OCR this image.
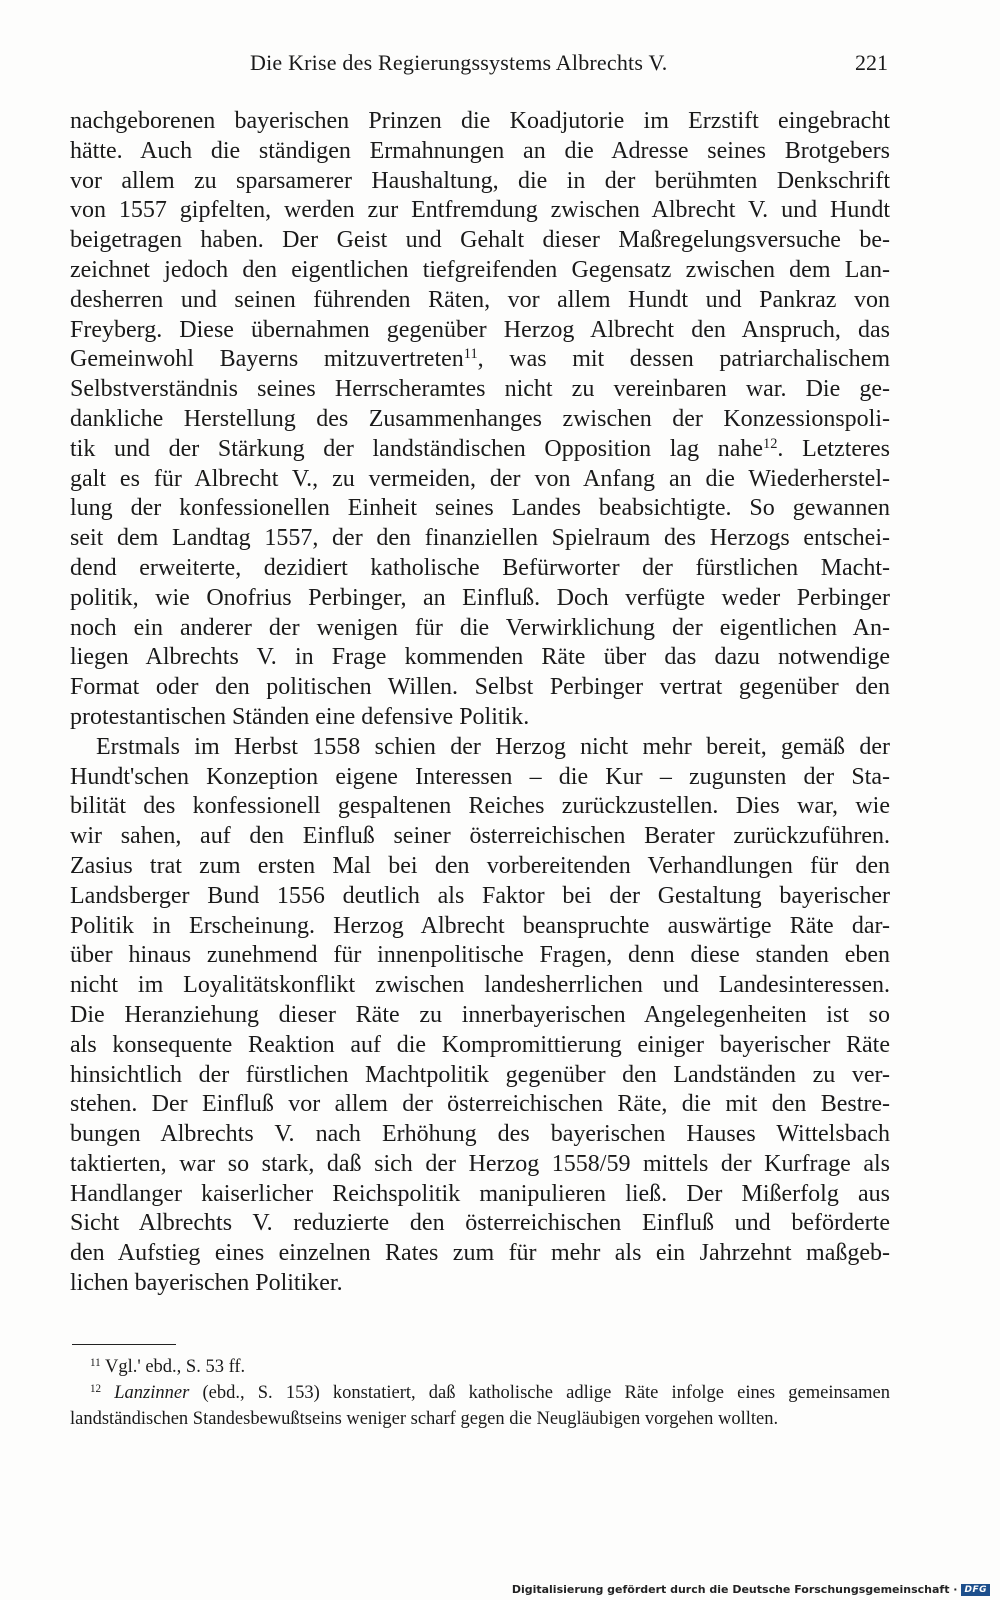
Die Krise des Regierungssystems Albrechts V.	221
nachgeborenen bayerischen Prinzen die Koadjutorie im Erzstift eingebracht
hätte. Auch die ständigen Ermahnungen an die Adresse seines Brotgebers
vor allem zu sparsamerer Haushaltung, die in der berühmten Denkschrift
von 1557 gipfelten, werden zur Entfremdung zwischen Albrecht V. und Hundt
beigetragen haben. Der Geist und Gehalt dieser Maßregelungsversuche be-
zeichnet jedoch den eigentlichen tiefgreifenden Gegensatz zwischen dem Lan-
desherren und seinen führenden Räten, vor allem Hundt und Pankraz von
Freyberg. Diese übernahmen gegenüber Herzog Albrecht den Anspruch, das
Gemeinwohl Bayerns mitzuvertreten$^{11}$, was mit dessen patriarchalischem
Selbstverständnis seines Herrscheramtes nicht zu vereinbaren war. Die ge-
dankliche Herstellung des Zusammenhanges zwischen der Konzessionspoli-
tik und der Stärkung der landständischen Opposition lag nahe$^{12}$. Letzteres
galt es für Albrecht V., zu vermeiden, der von Anfang an die Wiederherstel-
lung der konfessionellen Einheit seines Landes beabsichtigte. So gewannen
seit dem Landtag 1557, der den finanziellen Spielraum des Herzogs entschei-
dend erweiterte, dezidiert katholische Befürworter der fürstlichen Macht-
politik, wie Onofrius Perbinger, an Einfluß. Doch verfügte weder Perbinger
noch ein anderer der wenigen für die Verwirklichung der eigentlichen An-
liegen Albrechts V. in Frage kommenden Räte über das dazu notwendige
Format oder den politischen Willen. Selbst Perbinger vertrat gegenüber den
protestantischen Ständen eine defensive Politik.
Erstmals im Herbst 1558 schien der Herzog nicht mehr bereit, gemäß der
Hundt'schen Konzeption eigene Interessen – die Kur – zugunsten der Sta-
bilität des konfessionell gespaltenen Reiches zurückzustellen. Dies war, wie
wir sahen, auf den Einfluß seiner österreichischen Berater zurückzuführen.
Zasius trat zum ersten Mal bei den vorbereitenden Verhandlungen für den
Landsberger Bund 1556 deutlich als Faktor bei der Gestaltung bayerischer
Politik in Erscheinung. Herzog Albrecht beanspruchte auswärtige Räte dar-
über hinaus zunehmend für innenpolitische Fragen, denn diese standen eben
nicht im Loyalitätskonflikt zwischen landesherrlichen und Landesinteressen.
Die Heranziehung dieser Räte zu innerbayerischen Angelegenheiten ist so
als konsequente Reaktion auf die Kompromittierung einiger bayerischer Räte
hinsichtlich der fürstlichen Machtpolitik gegenüber den Landständen zu ver-
stehen. Der Einfluß vor allem der österreichischen Räte, die mit den Bestre-
bungen Albrechts V. nach Erhöhung des bayerischen Hauses Wittelsbach
taktierten, war so stark, daß sich der Herzog 1558/59 mittels der Kurfrage als
Handlanger kaiserlicher Reichspolitik manipulieren ließ. Der Mißerfolg aus
Sicht Albrechts V. reduzierte den österreichischen Einfluß und beförderte
den Aufstieg eines einzelnen Rates zum für mehr als ein Jahrzehnt maßgeb-
lichen bayerischen Politiker.
$^{11}$ Vgl.' ebd., S. 53 ff.
$^{12}$ Lanzinner (ebd., S. 153) konstatiert, daß katholische adlige Räte infolge eines gemeinsamen
landständischen Standesbewußtseins weniger scharf gegen die Neugläubigen vorgehen wollten.
Digitalisierung gefördert durch die Deutsche Forschungsgemeinschaft · DFG
